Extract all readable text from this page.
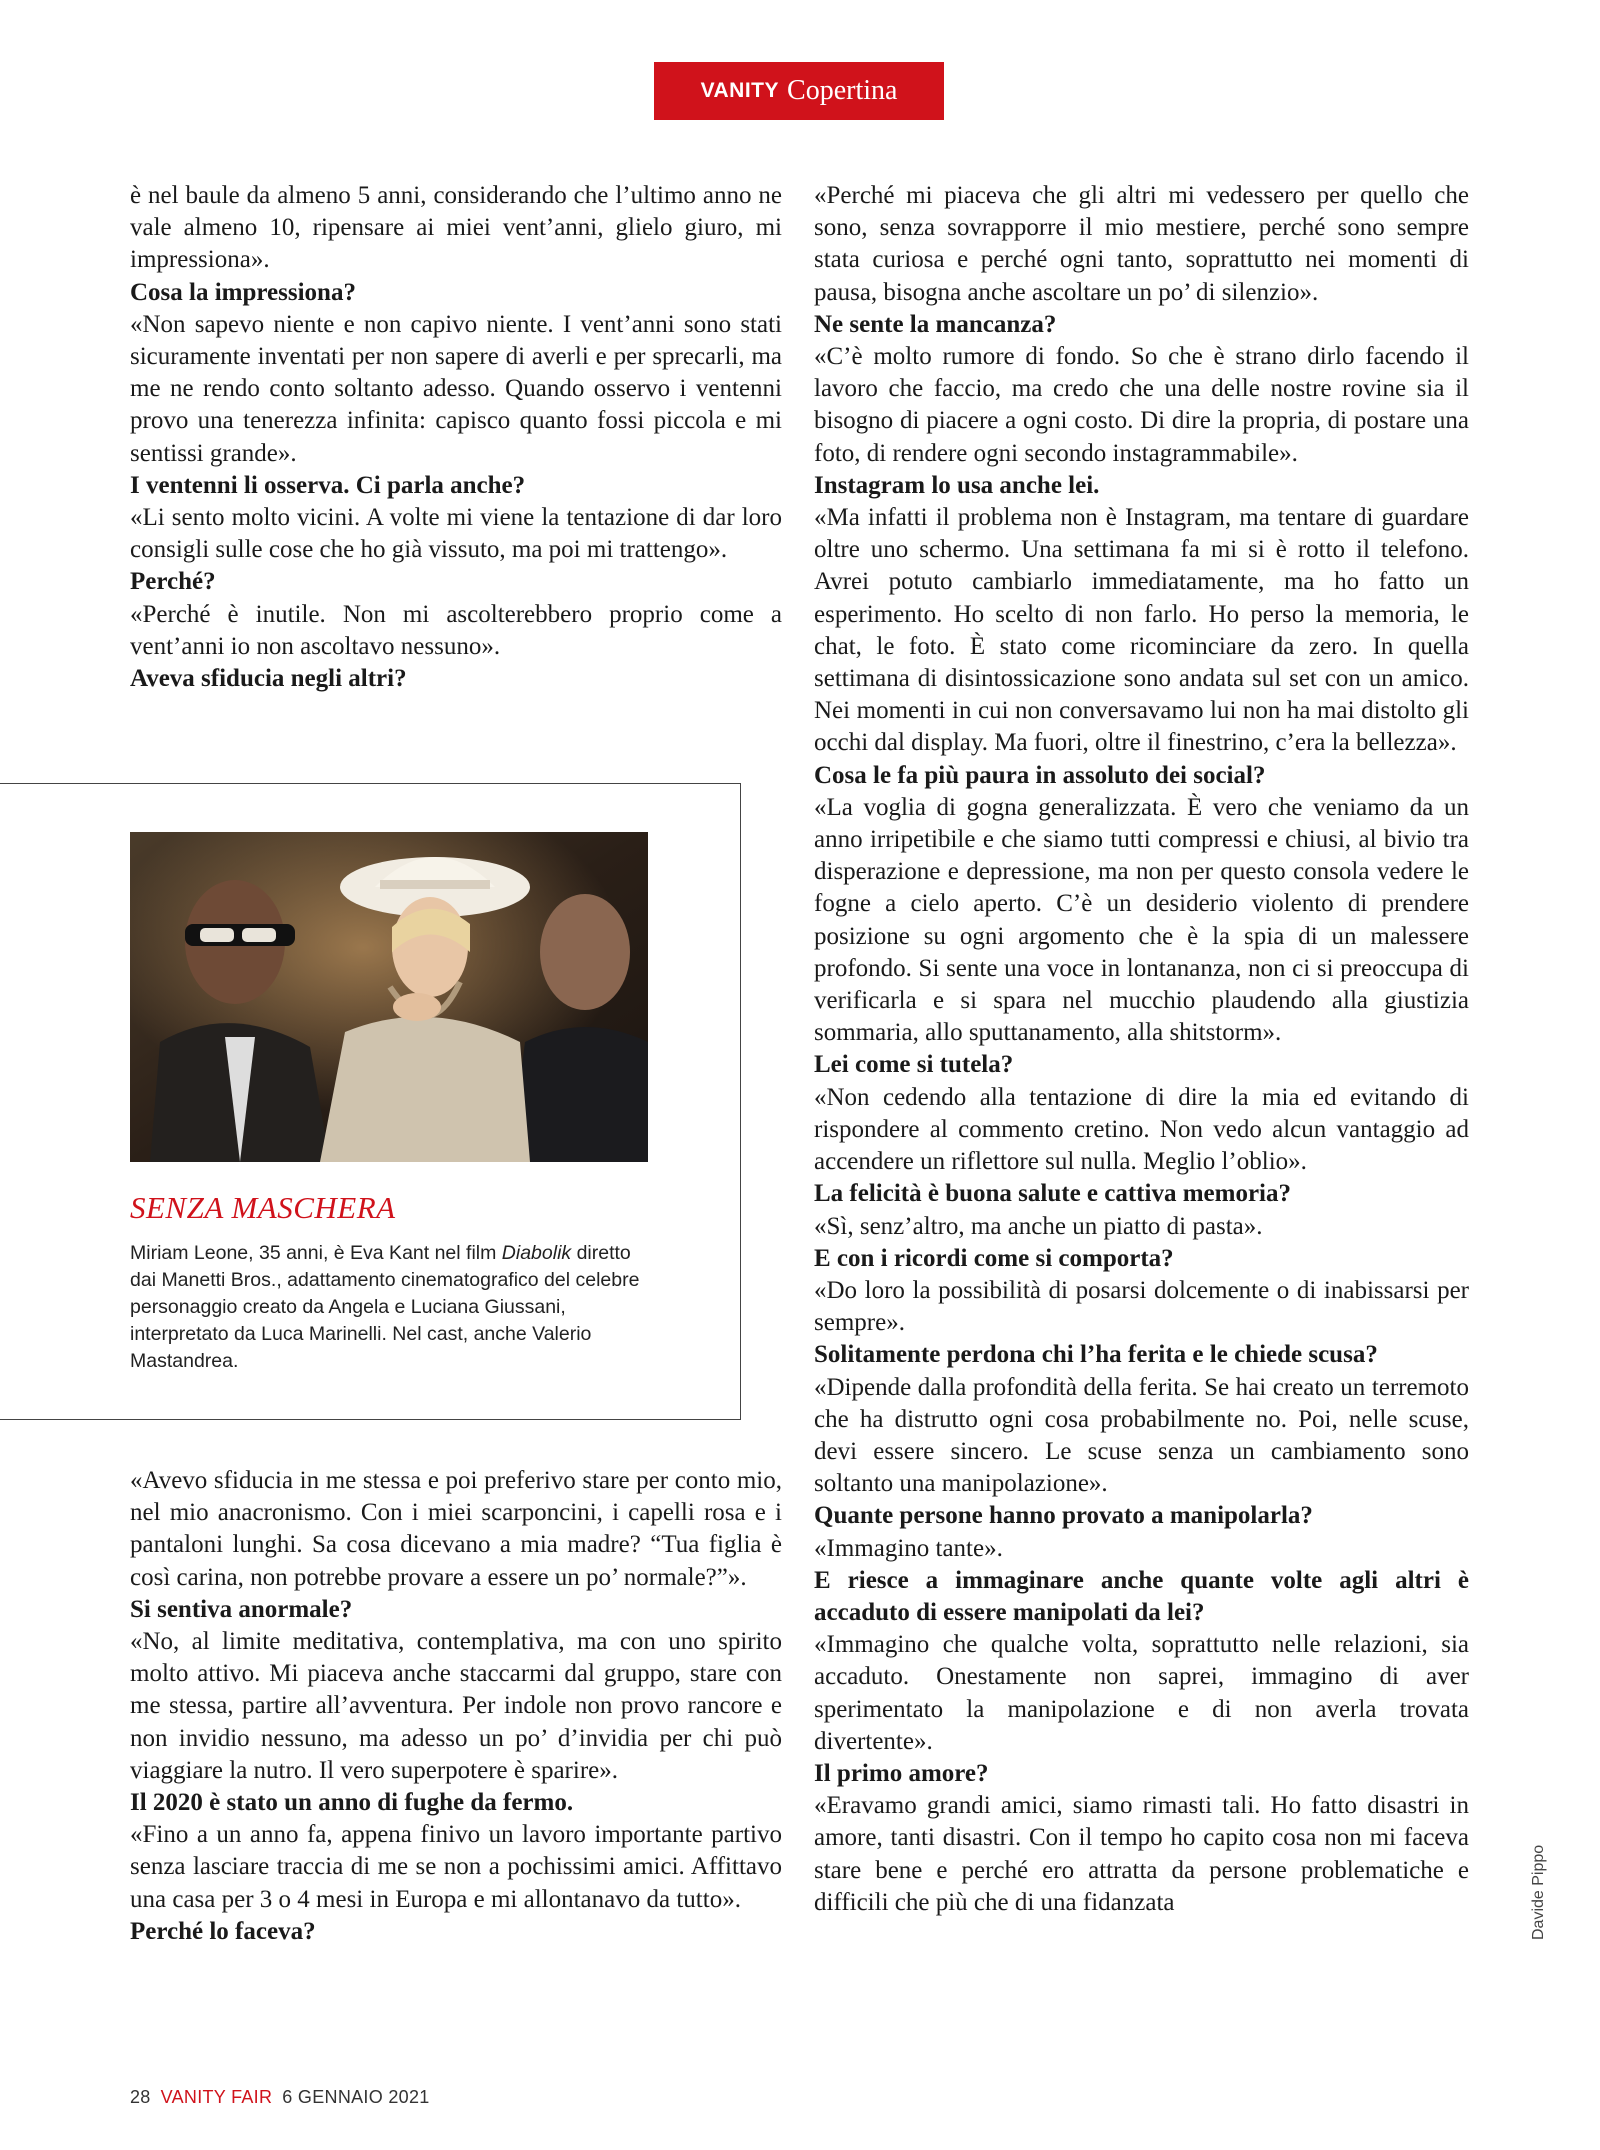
VANITY Copertina

è nel baule da almeno 5 anni, considerando che l’ultimo anno ne vale almeno 10, ripensare ai miei vent’anni, glielo giuro, mi impressiona».

Cosa la impressiona?

«Non sapevo niente e non capivo niente. I vent’anni sono stati sicuramente inventati per non sapere di averli e per sprecarli, ma me ne rendo conto soltanto adesso. Quando osservo i ventenni provo una tenerezza infinita: capisco quanto fossi piccola e mi sentissi grande».

I ventenni li osserva. Ci parla anche?

«Li sento molto vicini. A volte mi viene la tentazione di dar loro consigli sulle cose che ho già vissuto, ma poi mi trattengo».

Perché?

«Perché è inutile. Non mi ascolterebbero proprio come a vent’anni io non ascoltavo nessuno».

Aveva sfiducia negli altri?

SENZA MASCHERA
Miriam Leone, 35 anni, è Eva Kant nel film Diabolik diretto dai Manetti Bros., adattamento cinematografico del celebre personaggio creato da Angela e Luciana Giussani, interpretato da Luca Marinelli. Nel cast, anche Valerio Mastandrea.

«Avevo sfiducia in me stessa e poi preferivo stare per conto mio, nel mio anacronismo. Con i miei scarponcini, i capelli rosa e i pantaloni lunghi. Sa cosa dicevano a mia madre? “Tua figlia è così carina, non potrebbe provare a essere un po’ normale?”».

Si sentiva anormale?

«No, al limite meditativa, contemplativa, ma con uno spirito molto attivo. Mi piaceva anche staccarmi dal gruppo, stare con me stessa, partire all’avventura. Per indole non provo rancore e non invidio nessuno, ma adesso un po’ d’invidia per chi può viaggiare la nutro. Il vero superpotere è sparire».

Il 2020 è stato un anno di fughe da fermo.

«Fino a un anno fa, appena finivo un lavoro importante partivo senza lasciare traccia di me se non a pochissimi amici. Affittavo una casa per 3 o 4 mesi in Europa e mi allontanavo da tutto».

Perché lo faceva?

«Perché mi piaceva che gli altri mi vedessero per quello che sono, senza sovrapporre il mio mestiere, perché sono sempre stata curiosa e perché ogni tanto, soprattutto nei momenti di pausa, bisogna anche ascoltare un po’ di silenzio».

Ne sente la mancanza?

«C’è molto rumore di fondo. So che è strano dirlo facendo il lavoro che faccio, ma credo che una delle nostre rovine sia il bisogno di piacere a ogni costo. Di dire la propria, di postare una foto, di rendere ogni secondo instagrammabile».

Instagram lo usa anche lei.

«Ma infatti il problema non è Instagram, ma tentare di guardare oltre uno schermo. Una settimana fa mi si è rotto il telefono. Avrei potuto cambiarlo immediatamente, ma ho fatto un esperimento. Ho scelto di non farlo. Ho perso la memoria, le chat, le foto. È stato come ricominciare da zero. In quella settimana di disintossicazione sono andata sul set con un amico. Nei momenti in cui non conversavamo lui non ha mai distolto gli occhi dal display. Ma fuori, oltre il finestrino, c’era la bellezza».

Cosa le fa più paura in assoluto dei social?

«La voglia di gogna generalizzata. È vero che veniamo da un anno irripetibile e che siamo tutti compressi e chiusi, al bivio tra disperazione e depressione, ma non per questo consola vedere le fogne a cielo aperto. C’è un desiderio violento di prendere posizione su ogni argomento che è la spia di un malessere profondo. Si sente una voce in lontananza, non ci si preoccupa di verificarla e si spara nel mucchio plaudendo alla giustizia sommaria, allo sputtanamento, alla shitstorm».

Lei come si tutela?

«Non cedendo alla tentazione di dire la mia ed evitando di rispondere al commento cretino. Non vedo alcun vantaggio ad accendere un riflettore sul nulla. Meglio l’oblio».

La felicità è buona salute e cattiva memoria?

«Sì, senz’altro, ma anche un piatto di pasta».

E con i ricordi come si comporta?

«Do loro la possibilità di posarsi dolcemente o di inabissarsi per sempre».

Solitamente perdona chi l’ha ferita e le chiede scusa?

«Dipende dalla profondità della ferita. Se hai creato un terremoto che ha distrutto ogni cosa probabilmente no. Poi, nelle scuse, devi essere sincero. Le scuse senza un cambiamento sono soltanto una manipolazione».

Quante persone hanno provato a manipolarla?

«Immagino tante».

E riesce a immaginare anche quante volte agli altri è accaduto di essere manipolati da lei?

«Immagino che qualche volta, soprattutto nelle relazioni, sia accaduto. Onestamente non saprei, immagino di aver sperimentato la manipolazione e di non averla trovata divertente».

Il primo amore?

«Eravamo grandi amici, siamo rimasti tali. Ho fatto disastri in amore, tanti disastri. Con il tempo ho capito cosa non mi faceva stare bene e perché ero attratta da persone problematiche e difficili che più che di una fidanzata

28 VANITY FAIR 6 GENNAIO 2021
Davide Pippo
